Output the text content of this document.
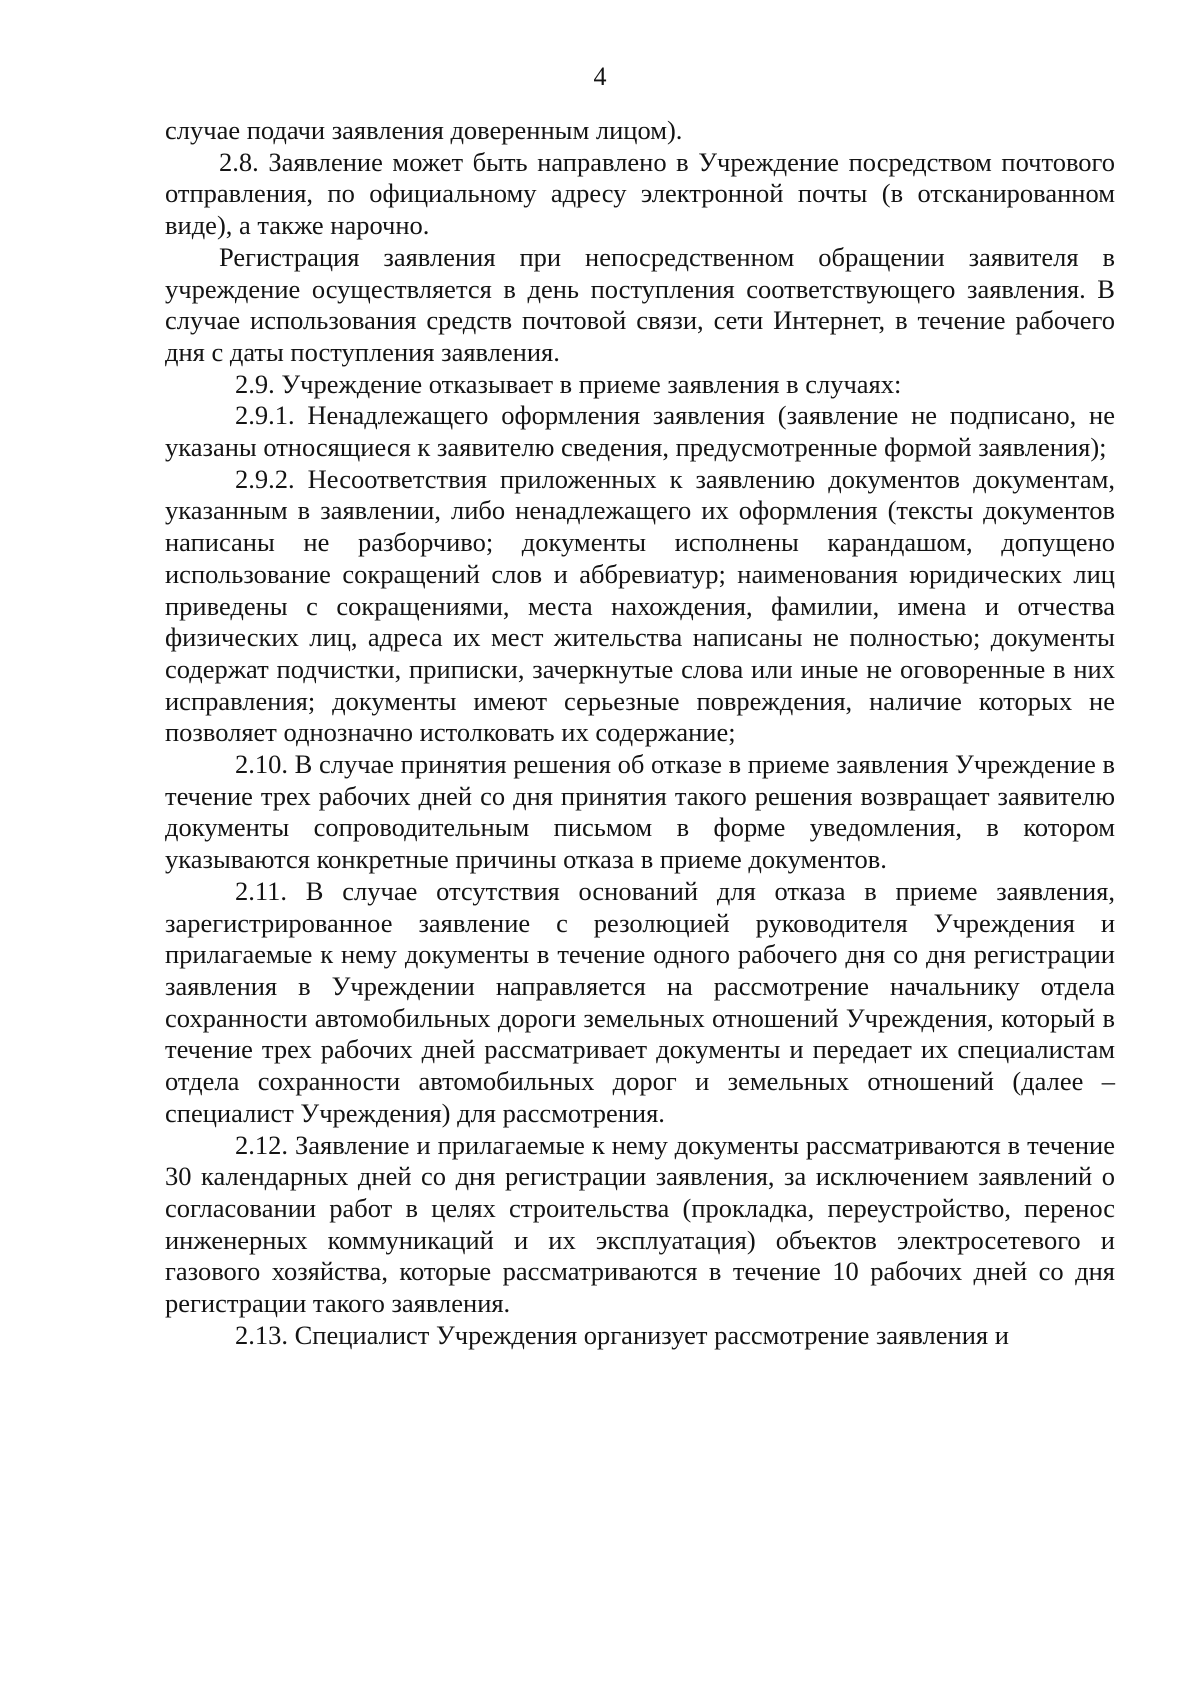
4

случае подачи заявления доверенным лицом).

2.8. Заявление может быть направлено в Учреждение посредством почтового отправления, по официальному адресу электронной почты (в отсканированном виде), а также нарочно.

Регистрация заявления при непосредственном обращении заявителя в учреждение осуществляется в день поступления соответствующего заявления. В случае использования средств почтовой связи, сети Интернет, в течение рабочего дня с даты поступления заявления.

2.9. Учреждение отказывает в приеме заявления в случаях:

2.9.1. Ненадлежащего оформления заявления (заявление не подписано, не указаны относящиеся к заявителю сведения, предусмотренные формой заявления);

2.9.2. Несоответствия приложенных к заявлению документов документам, указанным в заявлении, либо ненадлежащего их оформления (тексты документов написаны не разборчиво; документы исполнены карандашом, допущено использование сокращений слов и аббревиатур; наименования юридических лиц приведены с сокращениями, места нахождения, фамилии, имена и отчества физических лиц, адреса их мест жительства написаны не полностью; документы содержат подчистки, приписки, зачеркнутые слова или иные не оговоренные в них исправления; документы имеют серьезные повреждения, наличие которых не позволяет однозначно истолковать их содержание;

2.10. В случае принятия решения об отказе в приеме заявления Учреждение в течение трех рабочих дней со дня принятия такого решения возвращает заявителю документы сопроводительным письмом в форме уведомления, в котором указываются конкретные причины отказа в приеме документов.

2.11. В случае отсутствия оснований для отказа в приеме заявления, зарегистрированное заявление с резолюцией руководителя Учреждения и прилагаемые к нему документы в течение одного рабочего дня со дня регистрации заявления в Учреждении направляется на рассмотрение начальнику отдела сохранности автомобильных дороги земельных отношений Учреждения, который в течение трех рабочих дней рассматривает документы и передает их специалистам отдела сохранности автомобильных дорог и земельных отношений (далее – специалист Учреждения) для рассмотрения.

2.12. Заявление и прилагаемые к нему документы рассматриваются в течение 30 календарных дней со дня регистрации заявления, за исключением заявлений о согласовании работ в целях строительства (прокладка, переустройство, перенос инженерных коммуникаций и их эксплуатация) объектов электросетевого и газового хозяйства, которые рассматриваются в течение 10 рабочих дней со дня регистрации такого заявления.

2.13. Специалист Учреждения организует рассмотрение заявления и
